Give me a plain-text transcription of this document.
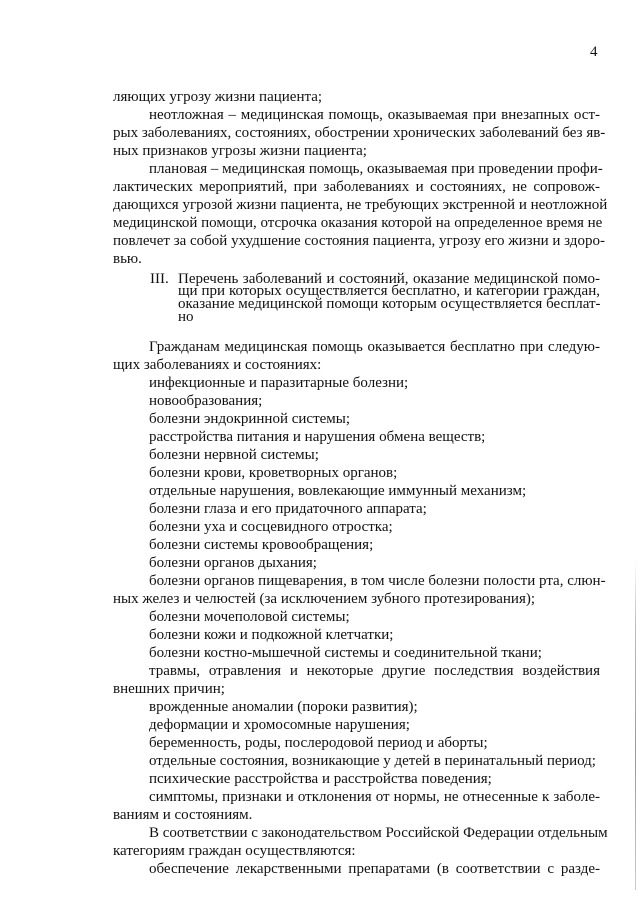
4
ляющих угрозу жизни пациента;
неотложная – медицинская помощь, оказываемая при внезапных ост-
рых заболеваниях, состояниях, обострении хронических заболеваний без яв-
ных признаков угрозы жизни пациента;
плановая – медицинская помощь, оказываемая при проведении профи-
лактических мероприятий, при заболеваниях и состояниях, не сопровож-
дающихся угрозой жизни пациента, не требующих экстренной и неотложной
медицинской помощи, отсрочка оказания которой на определенное время не
повлечет за собой ухудшение состояния пациента, угрозу его жизни и здоро-
вью.
Гражданам медицинская помощь оказывается бесплатно при следую-
щих заболеваниях и состояниях:
инфекционные и паразитарные болезни;
новообразования;
болезни эндокринной системы;
расстройства питания и нарушения обмена веществ;
болезни нервной системы;
болезни крови, кроветворных органов;
отдельные нарушения, вовлекающие иммунный механизм;
болезни глаза и его придаточного аппарата;
болезни уха и сосцевидного отростка;
болезни системы кровообращения;
болезни органов дыхания;
болезни органов пищеварения, в том числе болезни полости рта, слюн-
ных желез и челюстей (за исключением зубного протезирования);
болезни мочеполовой системы;
болезни кожи и подкожной клетчатки;
болезни костно-мышечной системы и соединительной ткани;
травмы, отравления и некоторые другие последствия воздействия
внешних причин;
врожденные аномалии (пороки развития);
деформации и хромосомные нарушения;
беременность, роды, послеродовой период и аборты;
отдельные состояния, возникающие у детей в перинатальный период;
психические расстройства и расстройства поведения;
симптомы, признаки и отклонения от нормы, не отнесенные к заболе-
ваниям и состояниям.
В соответствии с законодательством Российской Федерации отдельным
категориям граждан осуществляются:
обеспечение лекарственными препаратами (в соответствии с разде-
III. Перечень заболеваний и состояний, оказание медицинской помо-
щи при которых осуществляется бесплатно, и категории граждан,
оказание медицинской помощи которым осуществляется бесплат-
но
